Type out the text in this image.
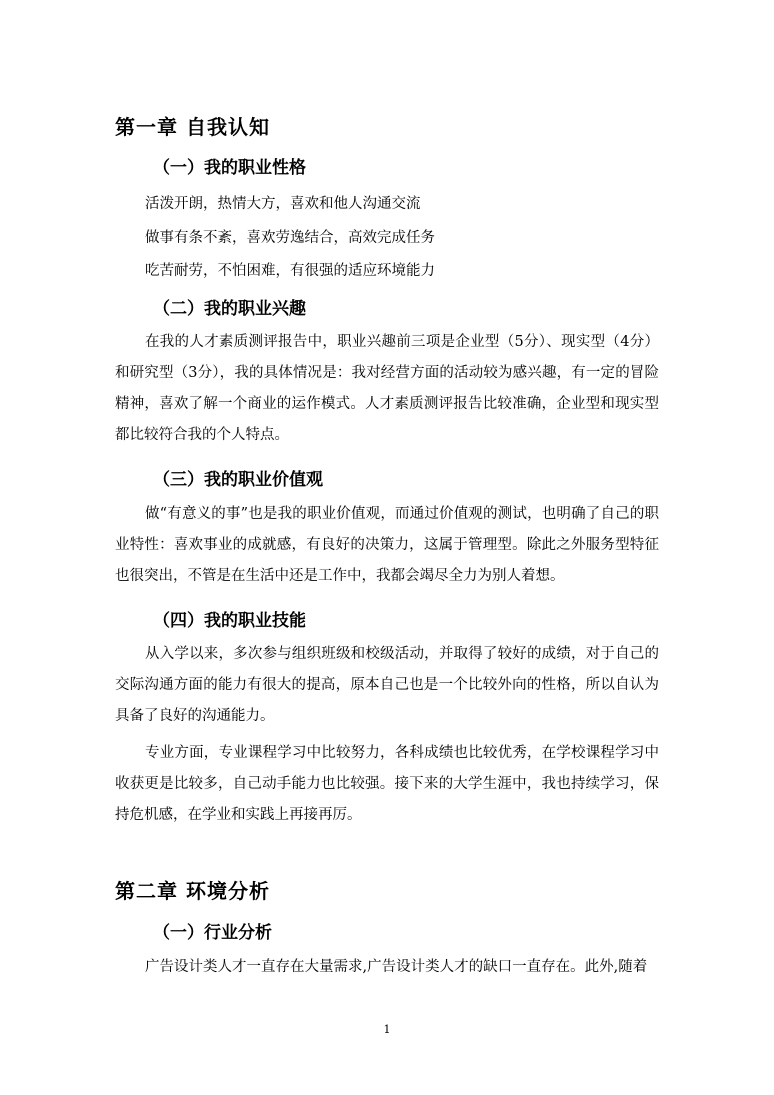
第一章 自我认知
（一）我的职业性格
活泼开朗，热情大方，喜欢和他人沟通交流
做事有条不紊，喜欢劳逸结合，高效完成任务
吃苦耐劳，不怕困难，有很强的适应环境能力
（二）我的职业兴趣

在我的人才素质测评报告中，职业兴趣前三项是企业型（5分）、现实型（4分）和研究型（3分），我的具体情况是：我对经营方面的活动较为感兴趣，有一定的冒险精神，喜欢了解一个商业的运作模式。人才素质测评报告比较准确，企业型和现实型都比较符合我的个人特点。

（三）我的职业价值观

做“有意义的事”也是我的职业价值观，而通过价值观的测试，也明确了自己的职业特性：喜欢事业的成就感，有良好的决策力，这属于管理型。除此之外服务型特征也很突出，不管是在生活中还是工作中，我都会竭尽全力为别人着想。

（四）我的职业技能

从入学以来，多次参与组织班级和校级活动，并取得了较好的成绩，对于自己的交际沟通方面的能力有很大的提高，原本自己也是一个比较外向的性格，所以自认为具备了良好的沟通能力。

专业方面，专业课程学习中比较努力，各科成绩也比较优秀，在学校课程学习中收获更是比较多，自己动手能力也比较强。接下来的大学生涯中，我也持续学习，保持危机感，在学业和实践上再接再厉。

第二章 环境分析
（一）行业分析

广告设计类人才一直存在大量需求,广告设计类人才的缺口一直存在。此外,随着

1
